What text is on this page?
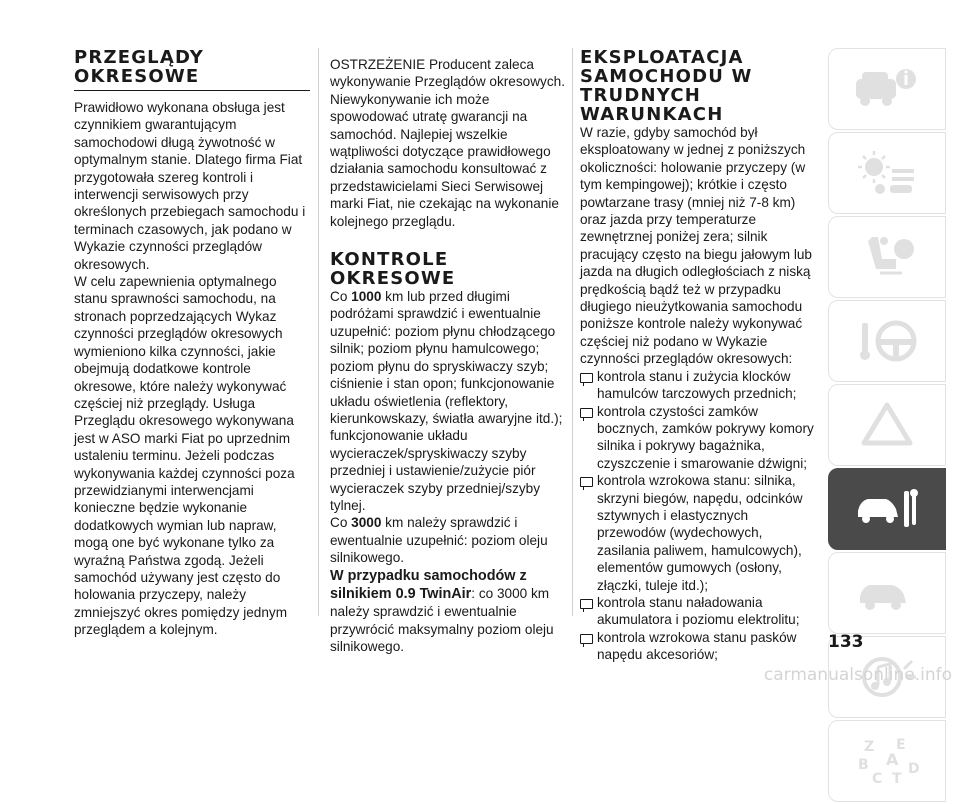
PRZEGLĄDY OKRESOWE

Prawidłowo wykonana obsługa jest czynnikiem gwarantującym samochodowi długą żywotność w optymalnym stanie. Dlatego firma Fiat przygotowała szereg kontroli i interwencji serwisowych przy określonych przebiegach samochodu i terminach czasowych, jak podano w Wykazie czynności przeglądów okresowych.

W celu zapewnienia optymalnego stanu sprawności samochodu, na stronach poprzedzających Wykaz czynności przeglądów okresowych wymieniono kilka czynności, jakie obejmują dodatkowe kontrole okresowe, które należy wykonywać częściej niż przeglądy. Usługa Przeglądu okresowego wykonywana jest w ASO marki Fiat po uprzednim ustaleniu terminu. Jeżeli podczas wykonywania każdej czynności poza przewidzianymi interwencjami konieczne będzie wykonanie dodatkowych wymian lub napraw, mogą one być wykonane tylko za wyraźną Państwa zgodą. Jeżeli samochód używany jest często do holowania przyczepy, należy zmniejszyć okres pomiędzy jednym przeglądem a kolejnym.

OSTRZEŻENIE Producent zaleca wykonywanie Przeglądów okresowych. Niewykonywanie ich może spowodować utratę gwarancji na samochód. Najlepiej wszelkie wątpliwości dotyczące prawidłowego działania samochodu konsultować z przedstawicielami Sieci Serwisowej marki Fiat, nie czekając na wykonanie kolejnego przeglądu.

KONTROLE OKRESOWE

Co 1000 km lub przed długimi podróżami sprawdzić i ewentualnie uzupełnić: poziom płynu chłodzącego silnik; poziom płynu hamulcowego; poziom płynu do spryskiwaczy szyb; ciśnienie i stan opon; funkcjonowanie układu oświetlenia (reflektory, kierunkowskazy, światła awaryjne itd.); funkcjonowanie układu wycieraczek/spryskiwaczy szyby przedniej i ustawienie/zużycie piór wycieraczek szyby przedniej/szyby tylnej.

Co 3000 km należy sprawdzić i ewentualnie uzupełnić: poziom oleju silnikowego.

W przypadku samochodów z silnikiem 0.9 TwinAir: co 3000 km należy sprawdzić i ewentualnie przywrócić maksymalny poziom oleju silnikowego.

EKSPLOATACJA SAMOCHODU W TRUDNYCH WARUNKACH

W razie, gdyby samochód był eksploatowany w jednej z poniższych okoliczności: holowanie przyczepy (w tym kempingowej); krótkie i często powtarzane trasy (mniej niż 7-8 km) oraz jazda przy temperaturze zewnętrznej poniżej zera; silnik pracujący często na biegu jałowym lub jazda na długich odległościach z niską prędkością bądź też w przypadku długiego nieużytkowania samochodu poniższe kontrole należy wykonywać częściej niż podano w Wykazie czynności przeglądów okresowych:

kontrola stanu i zużycia klocków hamulców tarczowych przednich;
kontrola czystości zamków bocznych, zamków pokrywy komory silnika i pokrywy bagażnika, czyszczenie i smarowanie dźwigni;
kontrola wzrokowa stanu: silnika, skrzyni biegów, napędu, odcinków sztywnych i elastycznych przewodów (wydechowych, zasilania paliwem, hamulcowych), elementów gumowych (osłony, złączki, tuleje itd.);
kontrola stanu naładowania akumulatora i poziomu elektrolitu;
kontrola wzrokowa stanu pasków napędu akcesoriów;
Z E
A
B
C T
D
133
carmanualsonline.info
